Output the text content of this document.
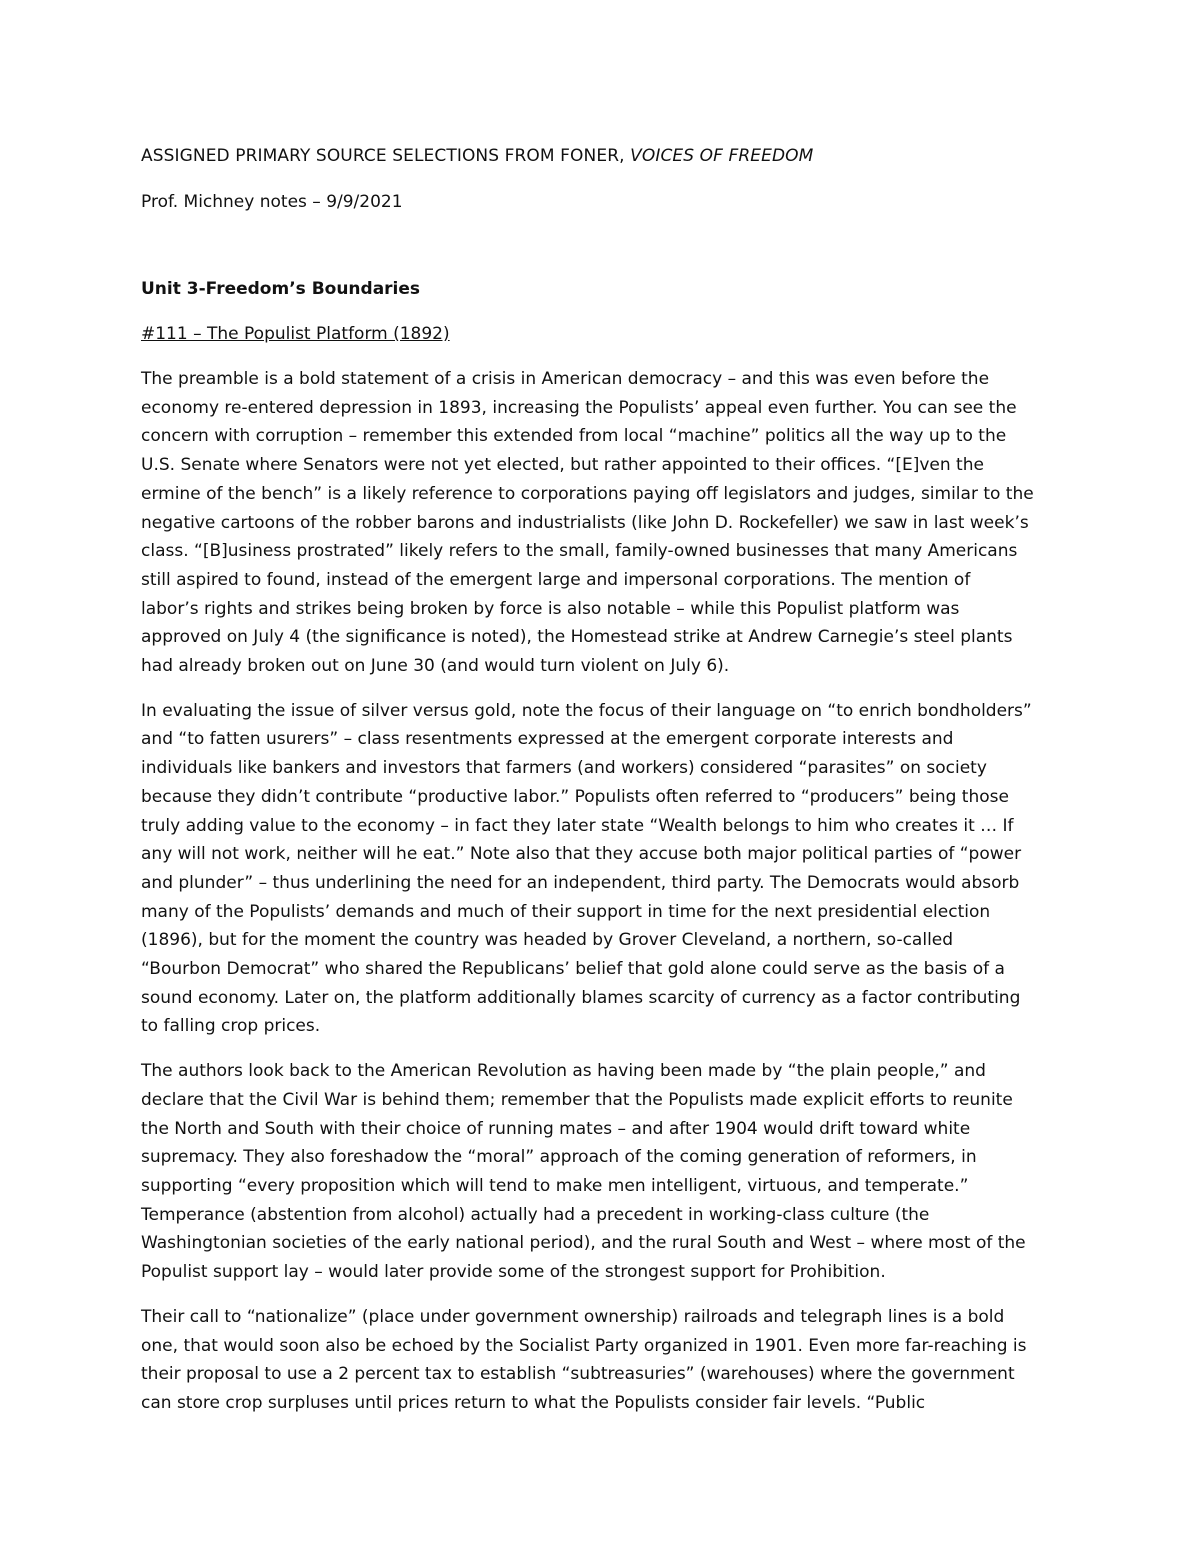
ASSIGNED PRIMARY SOURCE SELECTIONS FROM FONER, VOICES OF FREEDOM

Prof. Michney notes – 9/9/2021

Unit 3-Freedom’s Boundaries

#111 – The Populist Platform (1892)

The preamble is a bold statement of a crisis in American democracy – and this was even before the
economy re-entered depression in 1893, increasing the Populists’ appeal even further. You can see the
concern with corruption – remember this extended from local “machine” politics all the way up to the
U.S. Senate where Senators were not yet elected, but rather appointed to their offices. “[E]ven the
ermine of the bench” is a likely reference to corporations paying off legislators and judges, similar to the
negative cartoons of the robber barons and industrialists (like John D. Rockefeller) we saw in last week’s
class. “[B]usiness prostrated” likely refers to the small, family-owned businesses that many Americans
still aspired to found, instead of the emergent large and impersonal corporations. The mention of
labor’s rights and strikes being broken by force is also notable – while this Populist platform was
approved on July 4 (the significance is noted), the Homestead strike at Andrew Carnegie’s steel plants
had already broken out on June 30 (and would turn violent on July 6).
In evaluating the issue of silver versus gold, note the focus of their language on “to enrich bondholders”
and “to fatten usurers” – class resentments expressed at the emergent corporate interests and
individuals like bankers and investors that farmers (and workers) considered “parasites” on society
because they didn’t contribute “productive labor.” Populists often referred to “producers” being those
truly adding value to the economy – in fact they later state “Wealth belongs to him who creates it … If
any will not work, neither will he eat.” Note also that they accuse both major political parties of “power
and plunder” – thus underlining the need for an independent, third party. The Democrats would absorb
many of the Populists’ demands and much of their support in time for the next presidential election
(1896), but for the moment the country was headed by Grover Cleveland, a northern, so-called
“Bourbon Democrat” who shared the Republicans’ belief that gold alone could serve as the basis of a
sound economy. Later on, the platform additionally blames scarcity of currency as a factor contributing
to falling crop prices.
The authors look back to the American Revolution as having been made by “the plain people,” and
declare that the Civil War is behind them; remember that the Populists made explicit efforts to reunite
the North and South with their choice of running mates – and after 1904 would drift toward white
supremacy. They also foreshadow the “moral” approach of the coming generation of reformers, in
supporting “every proposition which will tend to make men intelligent, virtuous, and temperate.”
Temperance (abstention from alcohol) actually had a precedent in working-class culture (the
Washingtonian societies of the early national period), and the rural South and West – where most of the
Populist support lay – would later provide some of the strongest support for Prohibition.
Their call to “nationalize” (place under government ownership) railroads and telegraph lines is a bold
one, that would soon also be echoed by the Socialist Party organized in 1901. Even more far-reaching is
their proposal to use a 2 percent tax to establish “subtreasuries” (warehouses) where the government
can store crop surpluses until prices return to what the Populists consider fair levels. “Public
